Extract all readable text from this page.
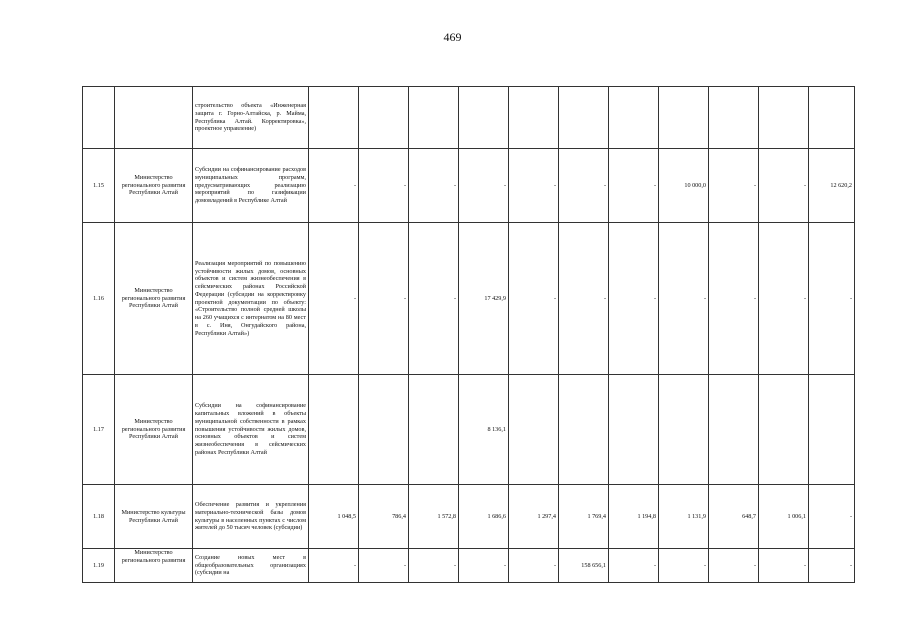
469
		строительство объекта «Инженерная защита г. Горно-Алтайска, р. Майма, Республика Алтай. Корректировка», проектное управление)											
1.15	Министерство регионального развития Республики Алтай	Субсидии на софинансирование расходов муниципальных программ, предусматривающих реализацию мероприятий по газификации домовладений в Республике Алтай	-	-	-	-	-	-	-	10 000,0	-	-	12 620,2
1.16	Министерство регионального развития Республики Алтай	Реализация мероприятий по повышению устойчивости жилых домов, основных объектов и систем жизнеобеспечения в сейсмических районах Российской Федерации (субсидии на корректировку проектной документации по объекту: «Строительство полной средней школы на 260 учащихся с интернатом на 80 мест в с. Иня, Онгудайского района, Республики Алтай»)	-	-	-	17 429,9	-	-	-	-	-	-	-
1.17	Министерство регионального развития Республики Алтай	Субсидии на софинансирование капитальных вложений в объекты муниципальной собственности в рамках повышения устойчивости жилых домов, основных объектов и систем жизнеобеспечения в сейсмических районах Республики Алтай				8 136,1							
1.18	Министерство культуры Республики Алтай	Обеспечение развития и укрепления материально-технической базы домов культуры в населенных пунктах с числом жителей до 50 тысяч человек (субсидии)	1 048,5	786,4	1 572,8	1 686,6	1 297,4	1 769,4	1 194,8	1 131,9	648,7	1 006,1	-
1.19	Министерство регионального развития	Создание новых мест в общеобразовательных организациях (субсидии на	-	-	-	-	-	158 656,1	-	-	-	-	-
